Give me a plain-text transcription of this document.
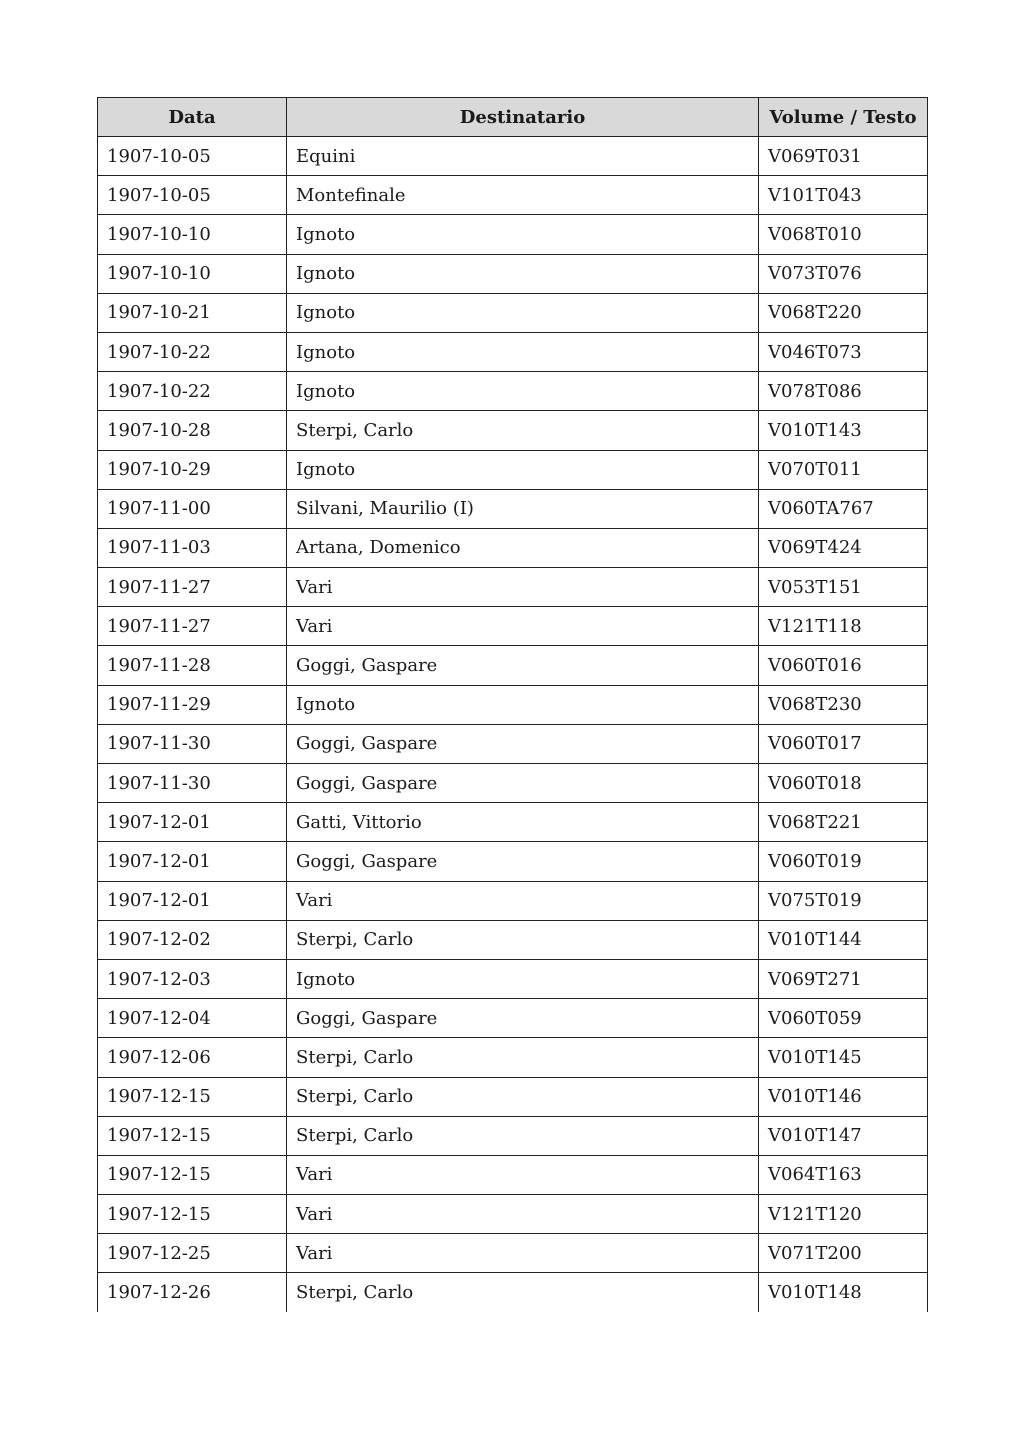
Data	Destinatario	Volume / Testo
1907-10-05	Equini	V069T031
1907-10-05	Montefinale	V101T043
1907-10-10	Ignoto	V068T010
1907-10-10	Ignoto	V073T076
1907-10-21	Ignoto	V068T220
1907-10-22	Ignoto	V046T073
1907-10-22	Ignoto	V078T086
1907-10-28	Sterpi, Carlo	V010T143
1907-10-29	Ignoto	V070T011
1907-11-00	Silvani, Maurilio (I)	V060TA767
1907-11-03	Artana, Domenico	V069T424
1907-11-27	Vari	V053T151
1907-11-27	Vari	V121T118
1907-11-28	Goggi, Gaspare	V060T016
1907-11-29	Ignoto	V068T230
1907-11-30	Goggi, Gaspare	V060T017
1907-11-30	Goggi, Gaspare	V060T018
1907-12-01	Gatti, Vittorio	V068T221
1907-12-01	Goggi, Gaspare	V060T019
1907-12-01	Vari	V075T019
1907-12-02	Sterpi, Carlo	V010T144
1907-12-03	Ignoto	V069T271
1907-12-04	Goggi, Gaspare	V060T059
1907-12-06	Sterpi, Carlo	V010T145
1907-12-15	Sterpi, Carlo	V010T146
1907-12-15	Sterpi, Carlo	V010T147
1907-12-15	Vari	V064T163
1907-12-15	Vari	V121T120
1907-12-25	Vari	V071T200
1907-12-26	Sterpi, Carlo	V010T148
